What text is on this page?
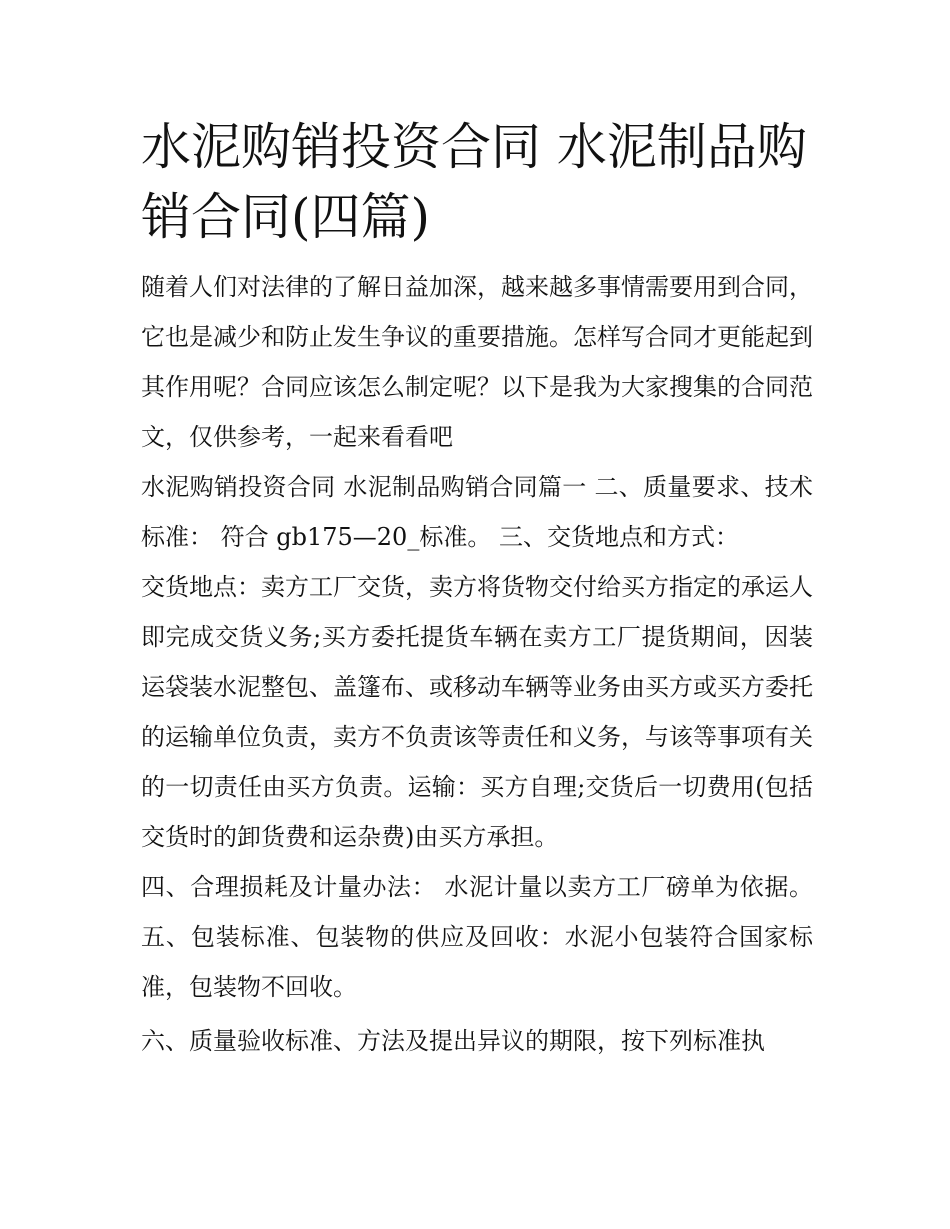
水泥购销投资合同 水泥制品购销合同(四篇)

随着人们对法律的了解日益加深，越来越多事情需要用到合同，它也是减少和防止发生争议的重要措施。怎样写合同才更能起到其作用呢？合同应该怎么制定呢？以下是我为大家搜集的合同范文，仅供参考，一起来看看吧

水泥购销投资合同 水泥制品购销合同篇一 二、质量要求、技术标准： 符合 gb175—20_标准。 三、交货地点和方式：

交货地点：卖方工厂交货，卖方将货物交付给买方指定的承运人即完成交货义务;买方委托提货车辆在卖方工厂提货期间，因装运袋装水泥整包、盖篷布、或移动车辆等业务由买方或买方委托的运输单位负责，卖方不负责该等责任和义务，与该等事项有关的一切责任由买方负责。运输：买方自理;交货后一切费用(包括交货时的卸货费和运杂费)由买方承担。

四、合理损耗及计量办法： 水泥计量以卖方工厂磅单为依据。 五、包装标准、包装物的供应及回收：水泥小包装符合国家标准，包装物不回收。

六、质量验收标准、方法及提出异议的期限，按下列标准执
